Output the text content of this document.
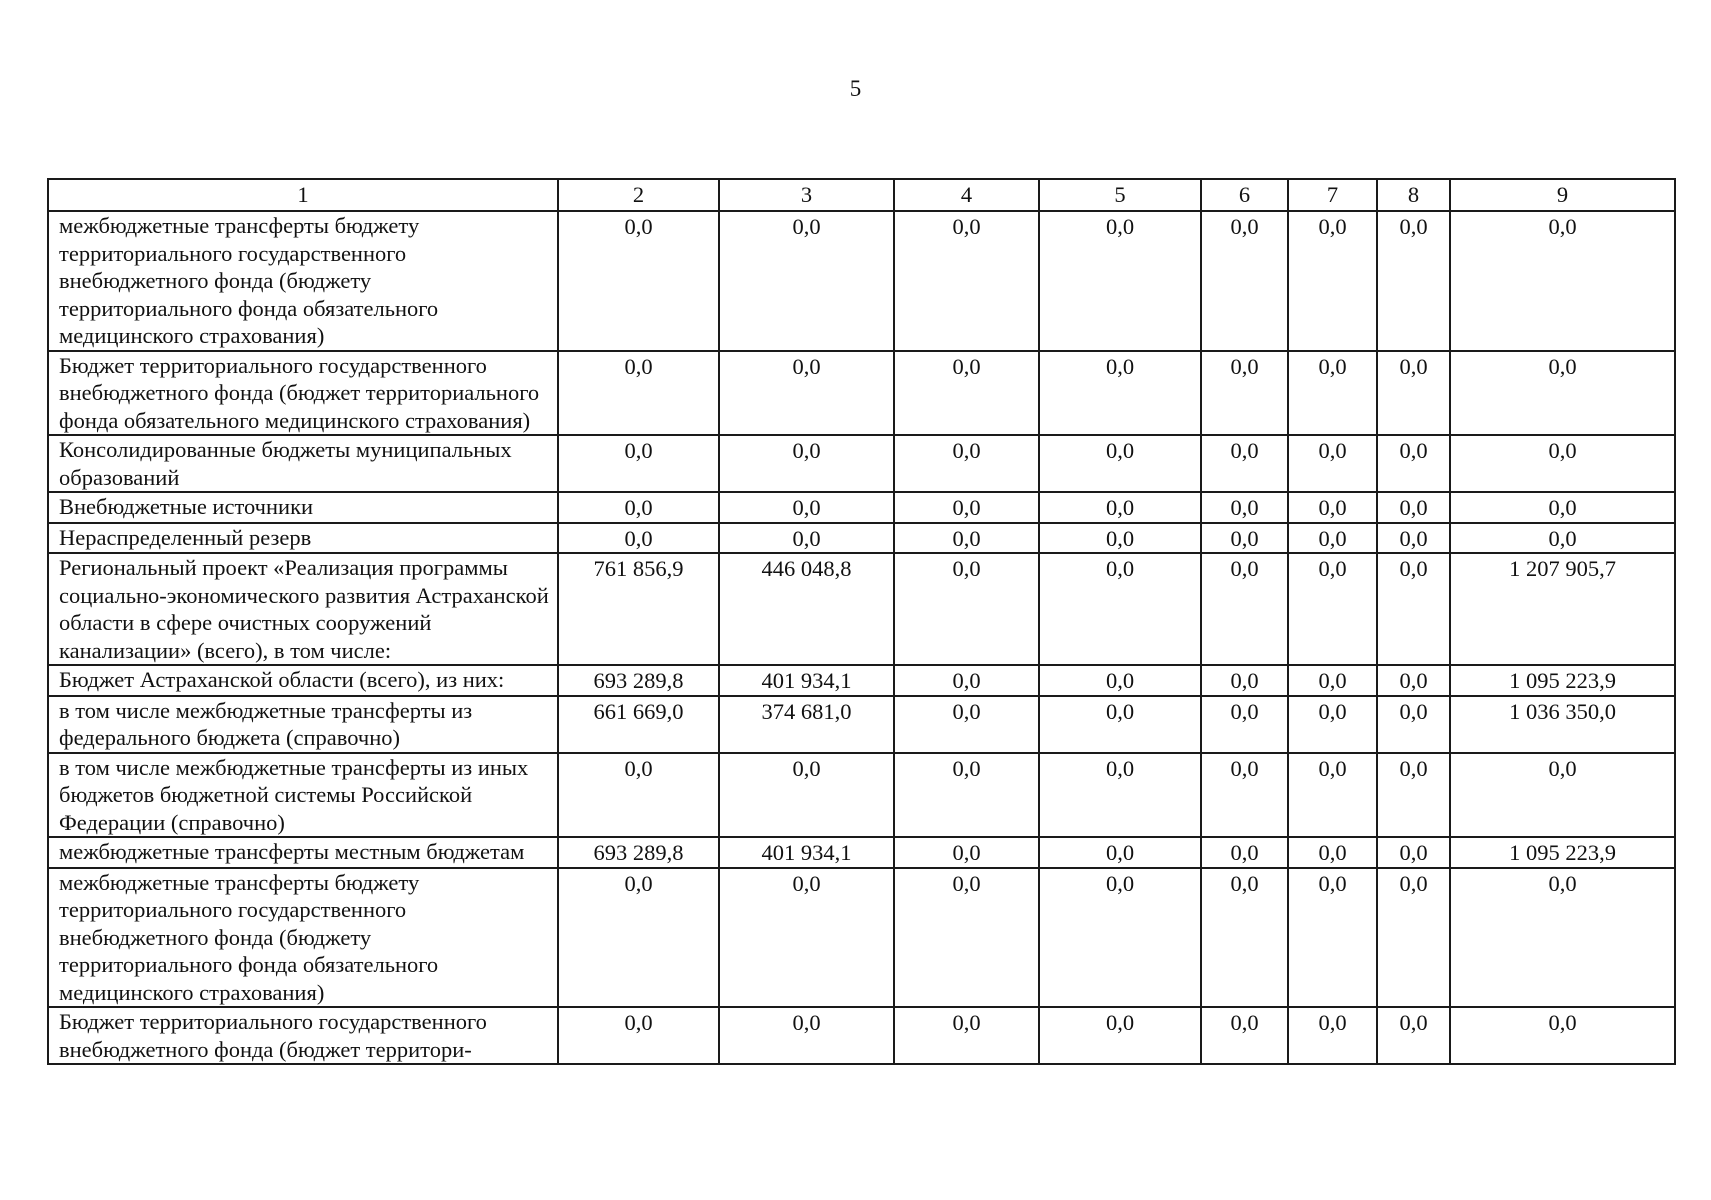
5
1	2	3	4	5	6	7	8	9
межбюджетные трансферты бюджету территориального государственного внебюджетного фонда (бюджету территориального фонда обязательного медицинского страхования)	0,0	0,0	0,0	0,0	0,0	0,0	0,0	0,0
Бюджет территориального государственного внебюджетного фонда (бюджет территориального фонда обязательного медицинского страхования)	0,0	0,0	0,0	0,0	0,0	0,0	0,0	0,0
Консолидированные бюджеты муниципальных образований	0,0	0,0	0,0	0,0	0,0	0,0	0,0	0,0
Внебюджетные источники	0,0	0,0	0,0	0,0	0,0	0,0	0,0	0,0
Нераспределенный резерв	0,0	0,0	0,0	0,0	0,0	0,0	0,0	0,0
Региональный проект «Реализация программы социально-экономического развития Астраханской области в сфере очистных сооружений канализации» (всего), в том числе:	761 856,9	446 048,8	0,0	0,0	0,0	0,0	0,0	1 207 905,7
Бюджет Астраханской области (всего), из них:	693 289,8	401 934,1	0,0	0,0	0,0	0,0	0,0	1 095 223,9
в том числе межбюджетные трансферты из федерального бюджета (справочно)	661 669,0	374 681,0	0,0	0,0	0,0	0,0	0,0	1 036 350,0
в том числе межбюджетные трансферты из иных бюджетов бюджетной системы Российской Федерации (справочно)	0,0	0,0	0,0	0,0	0,0	0,0	0,0	0,0
межбюджетные трансферты местным бюджетам	693 289,8	401 934,1	0,0	0,0	0,0	0,0	0,0	1 095 223,9
межбюджетные трансферты бюджету территориального государственного внебюджетного фонда (бюджету территориального фонда обязательного медицинского страхования)	0,0	0,0	0,0	0,0	0,0	0,0	0,0	0,0
Бюджет территориального государственного внебюджетного фонда (бюджет территори-	0,0	0,0	0,0	0,0	0,0	0,0	0,0	0,0
